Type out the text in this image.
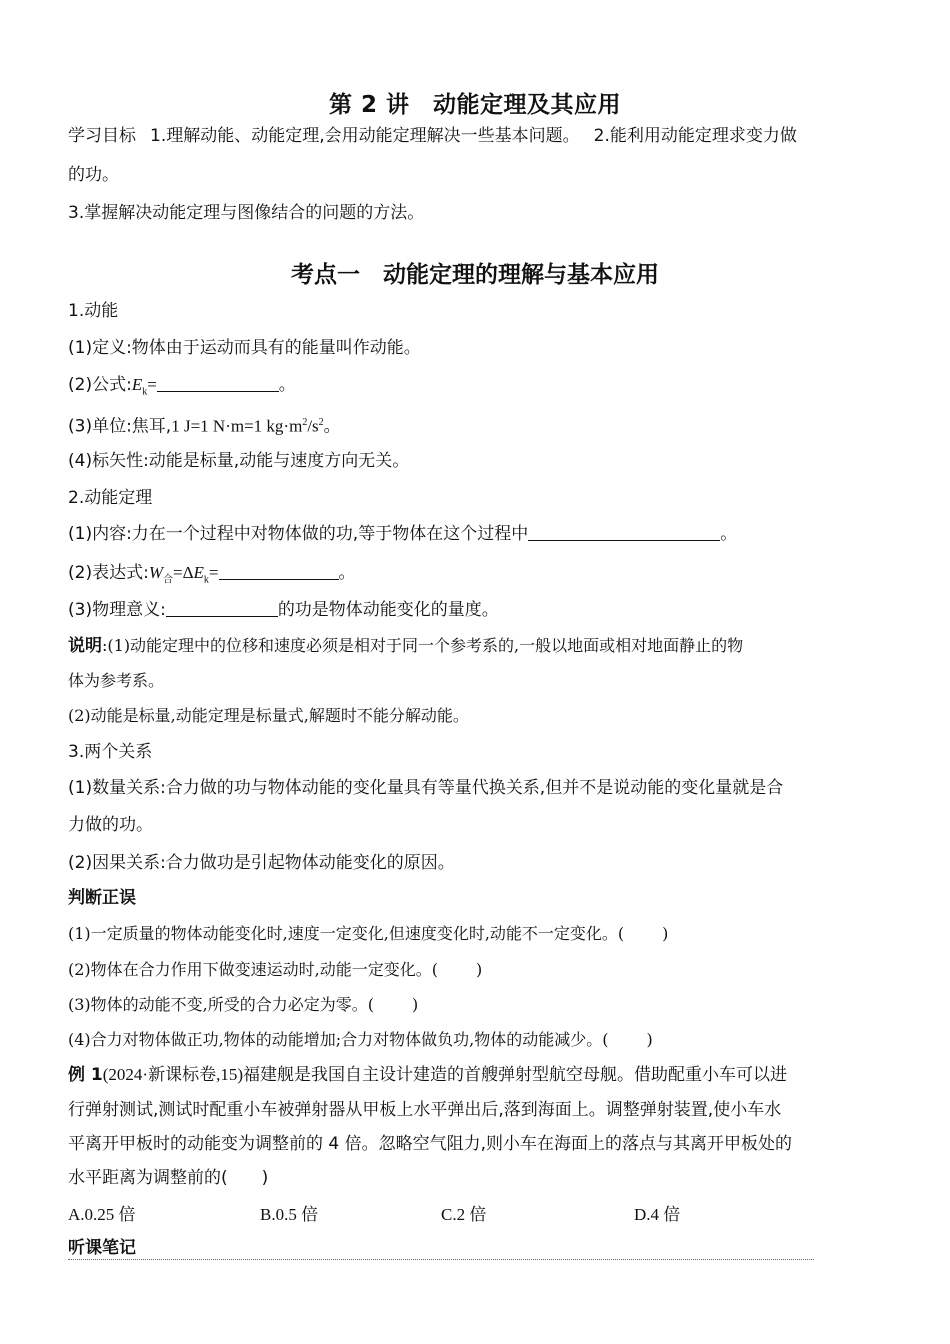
第 2 讲　动能定理及其应用
学习目标 1.理解动能、动能定理,会用动能定理解决一些基本问题。 2.能利用动能定理求变力做
的功。
3.掌握解决动能定理与图像结合的问题的方法。
考点一　动能定理的理解与基本应用
1.动能
(1)定义:物体由于运动而具有的能量叫作动能。
(2)公式$:E_k=$	。
(3)单位:焦耳,1 J=1 N·m=1 $kg\cdot m^2/s^2$。
(4)标矢性:动能是标量,动能与速度方向无关。
2.动能定理
(1)内容:力在一个过程中对物体做的功,等于物体在这个过程中	。
(2)表达式$:W_合=\Delta E_k=$	。
(3)物理意义:	的功是物体动能变化的量度。
说明:(1)动能定理中的位移和速度必须是相对于同一个参考系的,一般以地面或相对地面静止的物
体为参考系。
(2)动能是标量,动能定理是标量式,解题时不能分解动能。
3.两个关系
(1)数量关系:合力做的功与物体动能的变化量具有等量代换关系,但并不是说动能的变化量就是合
力做的功。
(2)因果关系:合力做功是引起物体动能变化的原因。
判断正误
(1)一定质量的物体动能变化时,速度一定变化,但速度变化时,动能不一定变化。( )
(2)物体在合力作用下做变速运动时,动能一定变化。( )
(3)物体的动能不变,所受的合力必定为零。( )
(4)合力对物体做正功,物体的动能增加;合力对物体做负功,物体的动能减少。( )
例 1(2024·新课标卷,15)福建舰是我国自主设计建造的首艘弹射型航空母舰。借助配重小车可以进
行弹射测试,测试时配重小车被弹射器从甲板上水平弹出后,落到海面上。调整弹射装置,使小车水
平离开甲板时的动能变为调整前的 4 倍。忽略空气阻力,则小车在海面上的落点与其离开甲板处的
水平距离为调整前的( )
A.0.25 倍	B.0.5 倍	C.2 倍	D.4 倍
听课笔记
